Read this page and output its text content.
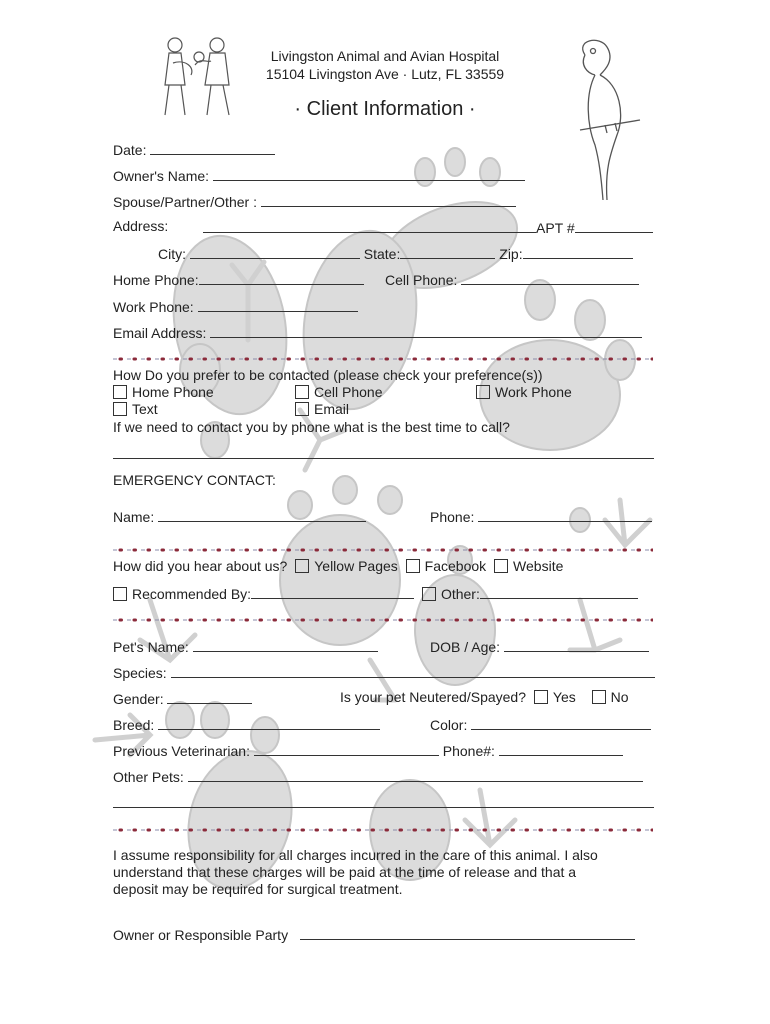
Livingston Animal and Avian Hospital
15104 Livingston Ave · Lutz, FL 33559
· Client Information ·
Date:
Owner's Name:
Spouse/Partner/Other :
Address:	APT #
City:	State:	Zip:
Home Phone:	Cell Phone:
Work Phone:
Email Address:
How Do you prefer to be contacted (please check your preference(s))
Home Phone	Cell Phone	Work Phone
Text	Email
If we need to contact you by phone what is the best time to call?
EMERGENCY CONTACT:
Name:	Phone:
How did you hear about us? Yellow Pages Facebook Website
Recommended By:	Other:
Pet's Name:	DOB / Age:
Species:
Gender:	Is your pet Neutered/Spayed? Yes No
Breed:	Color:
Previous Veterinarian:	Phone#:
Other Pets:
I assume responsibility for all charges incurred in the care of this animal. I also
understand that these charges will be paid at the time of release and that a
deposit may be required for surgical treatment.
Owner or Responsible Party
